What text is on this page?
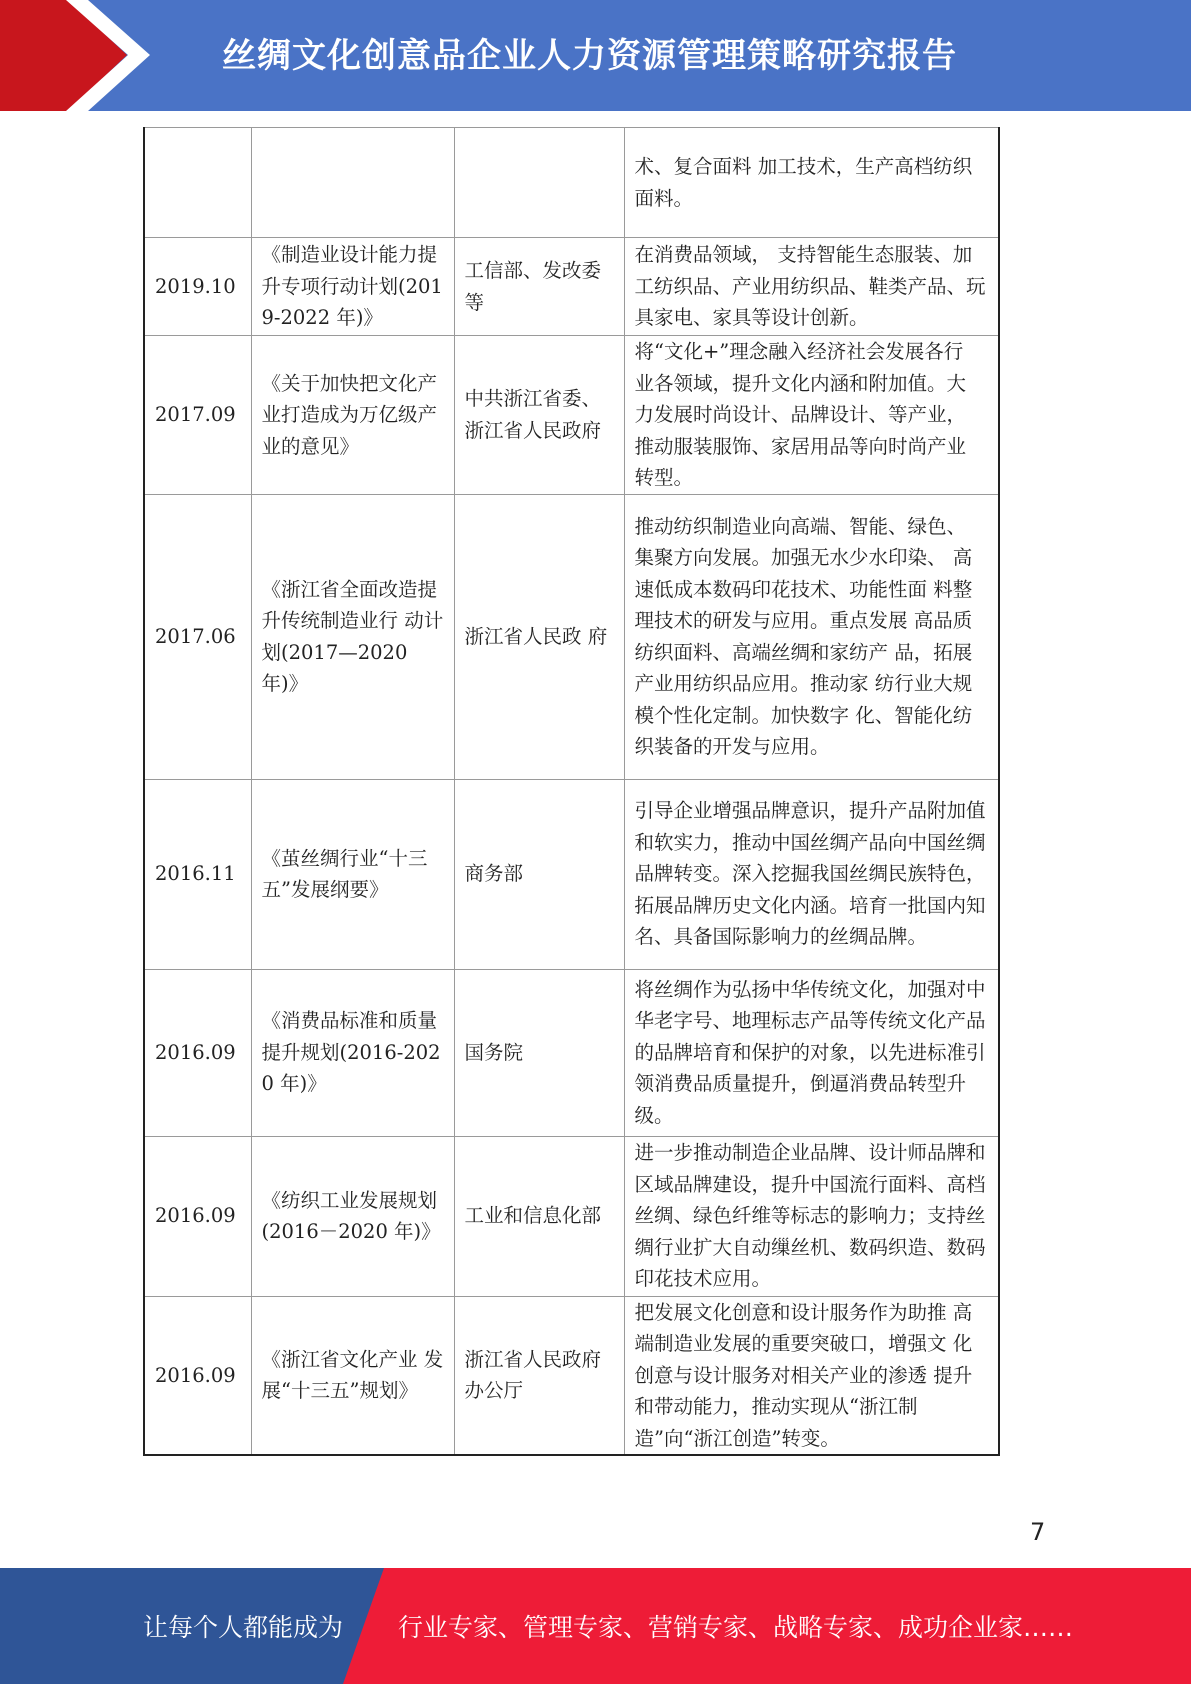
丝绸文化创意品企业人力资源管理策略研究报告
			术、复合面料 加工技术，生产高档纺织面料。
2019.10	《制造业设计能力提升专项行动计划(2019-2022 年)》	工信部、发改委等	在消费品领域， 支持智能生态服装、加工纺织品、产业用纺织品、鞋类产品、玩具家电、家具等设计创新。
2017.09	《关于加快把文化产业打造成为万亿级产业的意见》	中共浙江省委、浙江省人民政府	将“文化+”理念融入经济社会发展各行 业各领域，提升文化内涵和附加值。大 力发展时尚设计、品牌设计、等产业， 推动服装服饰、家居用品等向时尚产业 转型。
2017.06	《浙江省全面改造提升传统制造业行 动计划(2017—2020 年)》	浙江省人民政 府	推动纺织制造业向高端、智能、绿色、 集聚方向发展。加强无水少水印染、 高速低成本数码印花技术、功能性面 料整理技术的研发与应用。重点发展 高品质纺织面料、高端丝绸和家纺产 品，拓展产业用纺织品应用。推动家 纺行业大规模个性化定制。加快数字 化、智能化纺织装备的开发与应用。
2016.11	《茧丝绸行业“十三五”发展纲要》	商务部	引导企业增强品牌意识，提升产品附加值和软实力，推动中国丝绸产品向中国丝绸品牌转变。深入挖掘我国丝绸民族特色，拓展品牌历史文化内涵。培育一批国内知名、具备国际影响力的丝绸品牌。
2016.09	《消费品标准和质量提升规划(2016-2020 年)》	国务院	将丝绸作为弘扬中华传统文化，加强对中华老字号、地理标志产品等传统文化产品的品牌培育和保护的对象，以先进标准引领消费品质量提升，倒逼消费品转型升级。
2016.09	《纺织工业发展规划(2016－2020 年)》	工业和信息化部	进一步推动制造企业品牌、设计师品牌和区域品牌建设，提升中国流行面料、高档丝绸、绿色纤维等标志的影响力；支持丝绸行业扩大自动缫丝机、数码织造、数码印花技术应用。
2016.09	《浙江省文化产业 发展“十三五”规划》	浙江省人民政府 办公厅	把发展文化创意和设计服务作为助推 高端制造业发展的重要突破口，增强文 化创意与设计服务对相关产业的渗透 提升和带动能力，推动实现从“浙江制 造”向“浙江创造”转变。
7
让每个人都能成为 行业专家、管理专家、营销专家、战略专家、成功企业家……
